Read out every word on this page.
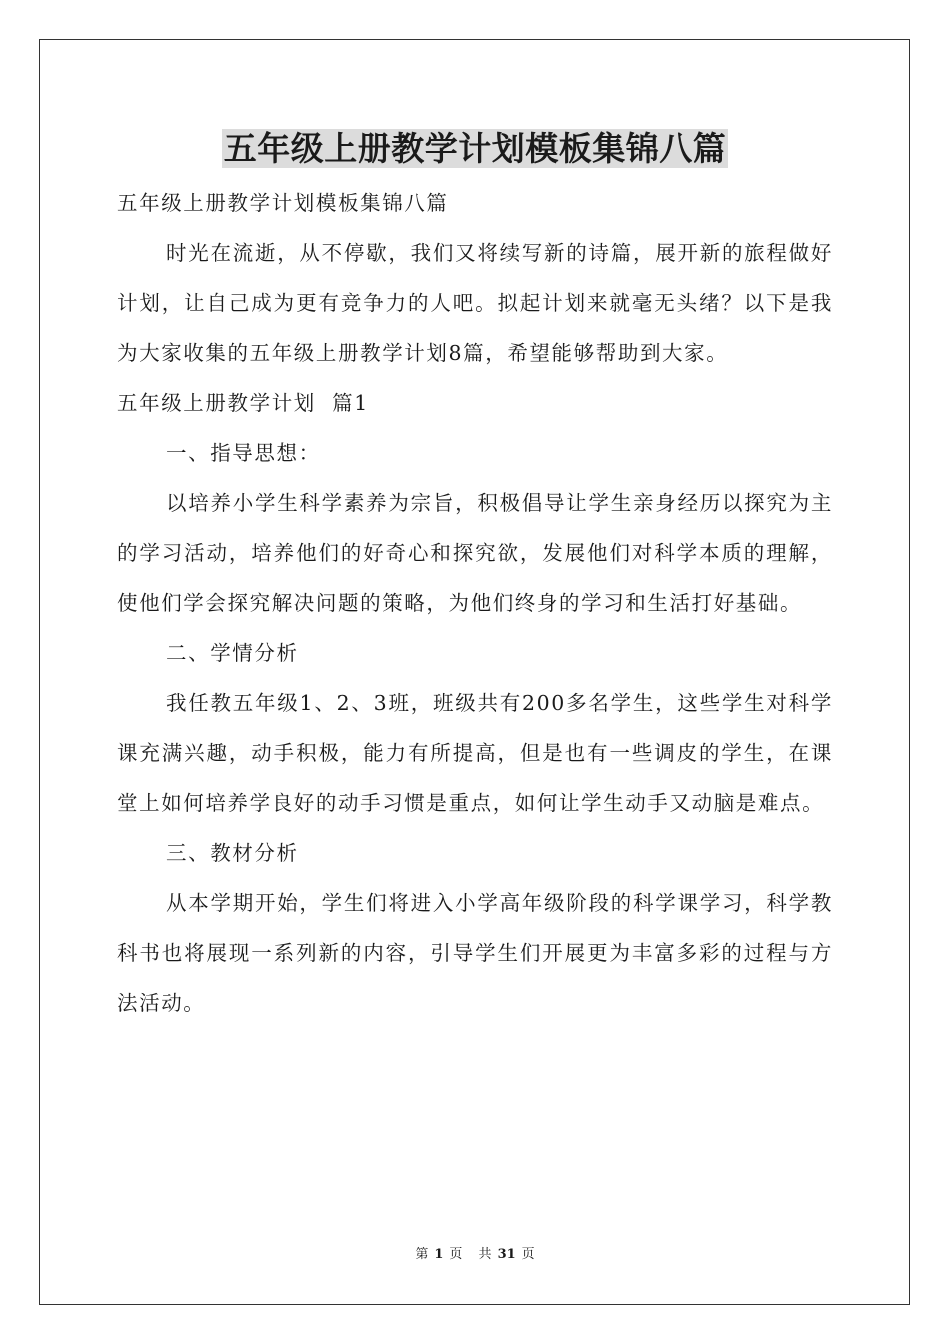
五年级上册教学计划模板集锦八篇

五年级上册教学计划模板集锦八篇

时光在流逝，从不停歇，我们又将续写新的诗篇，展开新的旅程做好计划，让自己成为更有竞争力的人吧。拟起计划来就毫无头绪？以下是我为大家收集的五年级上册教学计划8篇，希望能够帮助到大家。

五年级上册教学计划  篇1

一、指导思想：

以培养小学生科学素养为宗旨，积极倡导让学生亲身经历以探究为主的学习活动，培养他们的好奇心和探究欲，发展他们对科学本质的理解，使他们学会探究解决问题的策略，为他们终身的学习和生活打好基础。

二、学情分析

我任教五年级1、2、3班，班级共有200多名学生，这些学生对科学课充满兴趣，动手积极，能力有所提高，但是也有一些调皮的学生，在课堂上如何培养学良好的动手习惯是重点，如何让学生动手又动脑是难点。

三、教材分析

从本学期开始，学生们将进入小学高年级阶段的科学课学习，科学教科书也将展现一系列新的内容，引导学生们开展更为丰富多彩的过程与方法活动。

第 1 页 共 31 页
